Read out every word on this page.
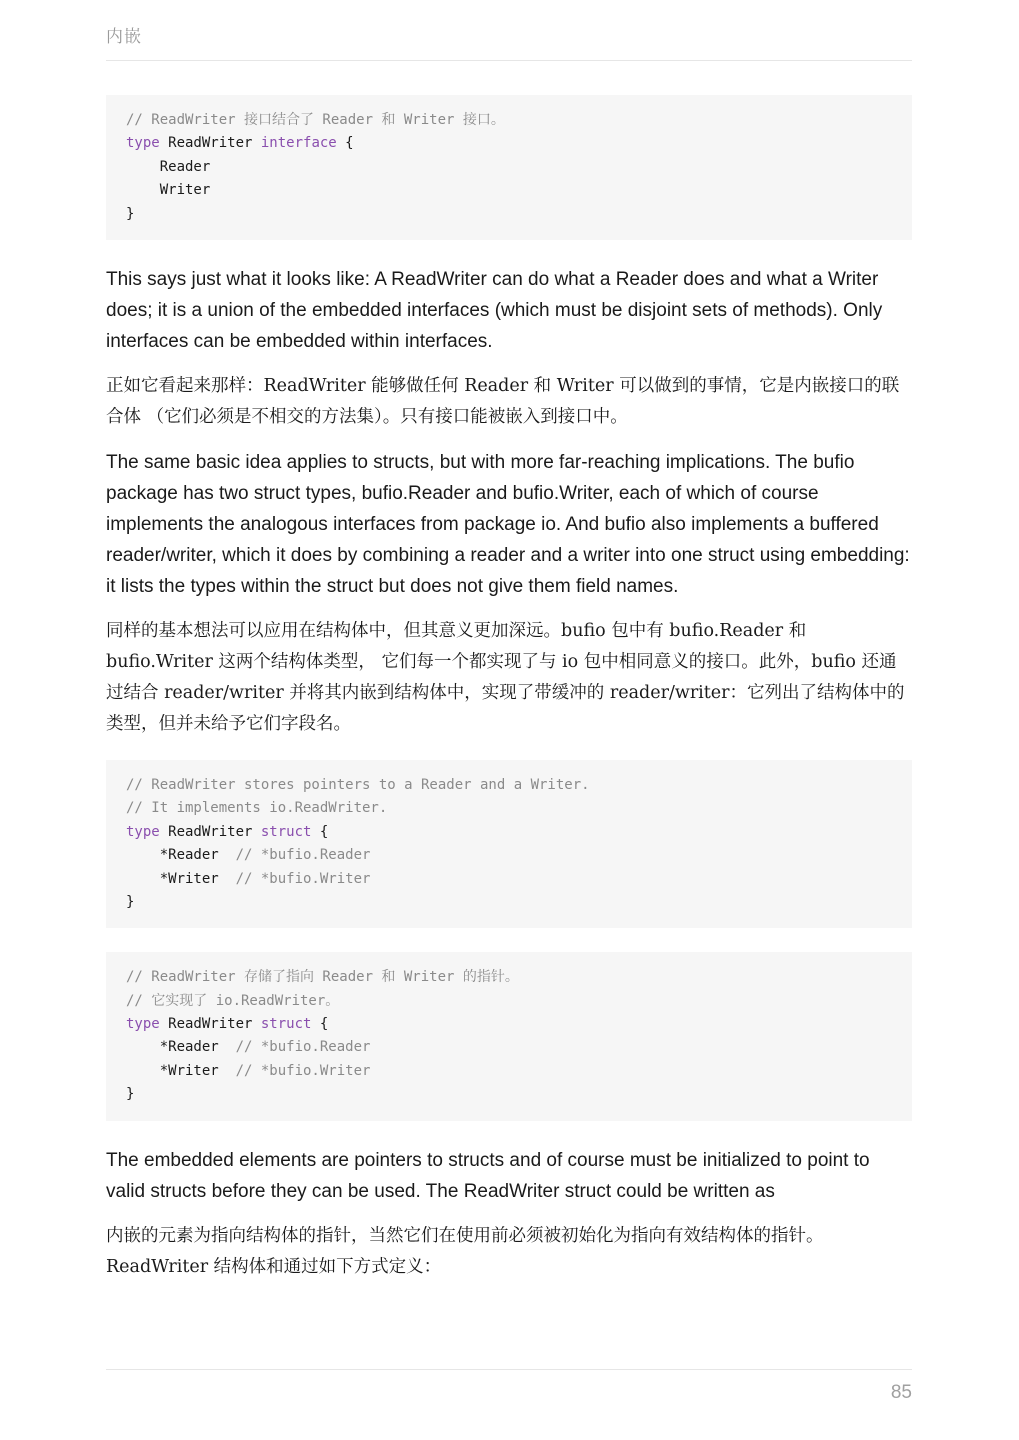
内嵌
// ReadWriter 接口结合了 Reader 和 Writer 接口。
type ReadWriter interface {
Reader
Writer
}

This says just what it looks like: A ReadWriter can do what a Reader does and what a Writer does; it is a union of the embedded interfaces (which must be disjoint sets of methods). Only interfaces can be embedded within interfaces.

正如它看起来那样：ReadWriter 能够做任何 Reader 和 Writer 可以做到的事情，它是内嵌接口的联合体 （它们必须是不相交的方法集）。只有接口能被嵌入到接口中。

The same basic idea applies to structs, but with more far-reaching implications. The bufio package has two struct types, bufio.Reader and bufio.Writer, each of which of course implements the analogous interfaces from package io. And bufio also implements a buffered reader/writer, which it does by combining a reader and a writer into one struct using embedding: it lists the types within the struct but does not give them field names.

同样的基本想法可以应用在结构体中，但其意义更加深远。bufio 包中有 bufio.Reader 和 bufio.Writer 这两个结构体类型， 它们每一个都实现了与 io 包中相同意义的接口。此外，bufio 还通过结合 reader/writer 并将其内嵌到结构体中，实现了带缓冲的 reader/writer：它列出了结构体中的类型，但并未给予它们字段名。

// ReadWriter stores pointers to a Reader and a Writer.
// It implements io.ReadWriter.
type ReadWriter struct {
*Reader  // *bufio.Reader
*Writer  // *bufio.Writer
}
// ReadWriter 存储了指向 Reader 和 Writer 的指针。
// 它实现了 io.ReadWriter。
type ReadWriter struct {
*Reader  // *bufio.Reader
*Writer  // *bufio.Writer
}

The embedded elements are pointers to structs and of course must be initialized to point to valid structs before they can be used. The ReadWriter struct could be written as

内嵌的元素为指向结构体的指针，当然它们在使用前必须被初始化为指向有效结构体的指针。 ReadWriter 结构体和通过如下方式定义：

85
